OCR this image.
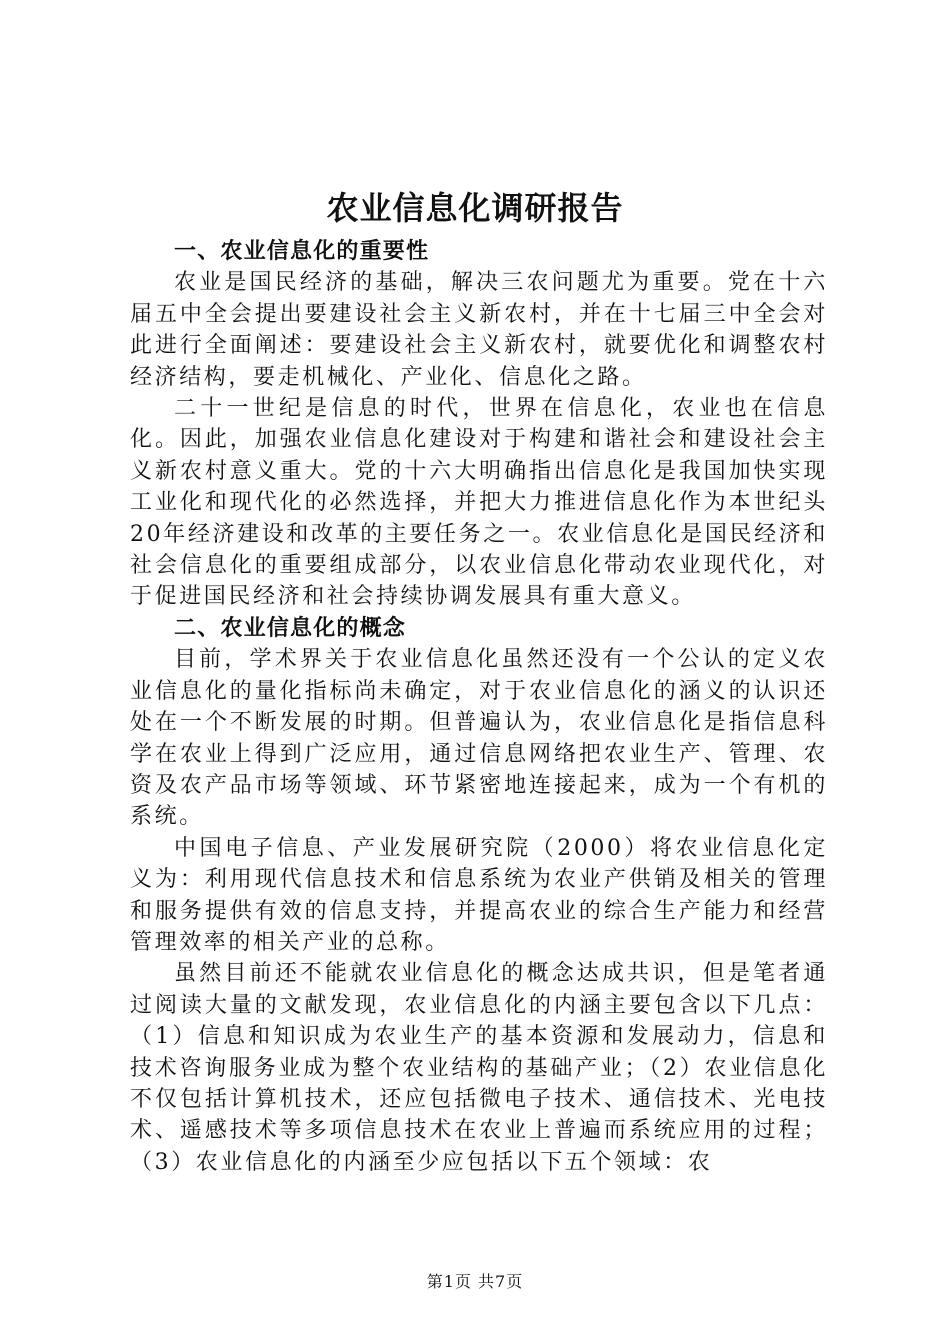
农业信息化调研报告
一、农业信息化的重要性

农业是国民经济的基础，解决三农问题尤为重要。党在十六届五中全会提出要建设社会主义新农村，并在十七届三中全会对此进行全面阐述：要建设社会主义新农村，就要优化和调整农村经济结构，要走机械化、产业化、信息化之路。

二十一世纪是信息的时代，世界在信息化，农业也在信息化。因此，加强农业信息化建设对于构建和谐社会和建设社会主义新农村意义重大。党的十六大明确指出信息化是我国加快实现工业化和现代化的必然选择，并把大力推进信息化作为本世纪头20年经济建设和改革的主要任务之一。农业信息化是国民经济和社会信息化的重要组成部分，以农业信息化带动农业现代化，对于促进国民经济和社会持续协调发展具有重大意义。

二、农业信息化的概念

目前，学术界关于农业信息化虽然还没有一个公认的定义农业信息化的量化指标尚未确定，对于农业信息化的涵义的认识还处在一个不断发展的时期。但普遍认为，农业信息化是指信息科学在农业上得到广泛应用，通过信息网络把农业生产、管理、农资及农产品市场等领域、环节紧密地连接起来，成为一个有机的系统。

中国电子信息、产业发展研究院（2000）将农业信息化定义为：利用现代信息技术和信息系统为农业产供销及相关的管理和服务提供有效的信息支持，并提高农业的综合生产能力和经营管理效率的相关产业的总称。

虽然目前还不能就农业信息化的概念达成共识，但是笔者通过阅读大量的文献发现，农业信息化的内涵主要包含以下几点：（1）信息和知识成为农业生产的基本资源和发展动力，信息和技术咨询服务业成为整个农业结构的基础产业；（2）农业信息化不仅包括计算机技术，还应包括微电子技术、通信技术、光电技术、遥感技术等多项信息技术在农业上普遍而系统应用的过程；（3）农业信息化的内涵至少应包括以下五个领域：农

第1页 共7页
